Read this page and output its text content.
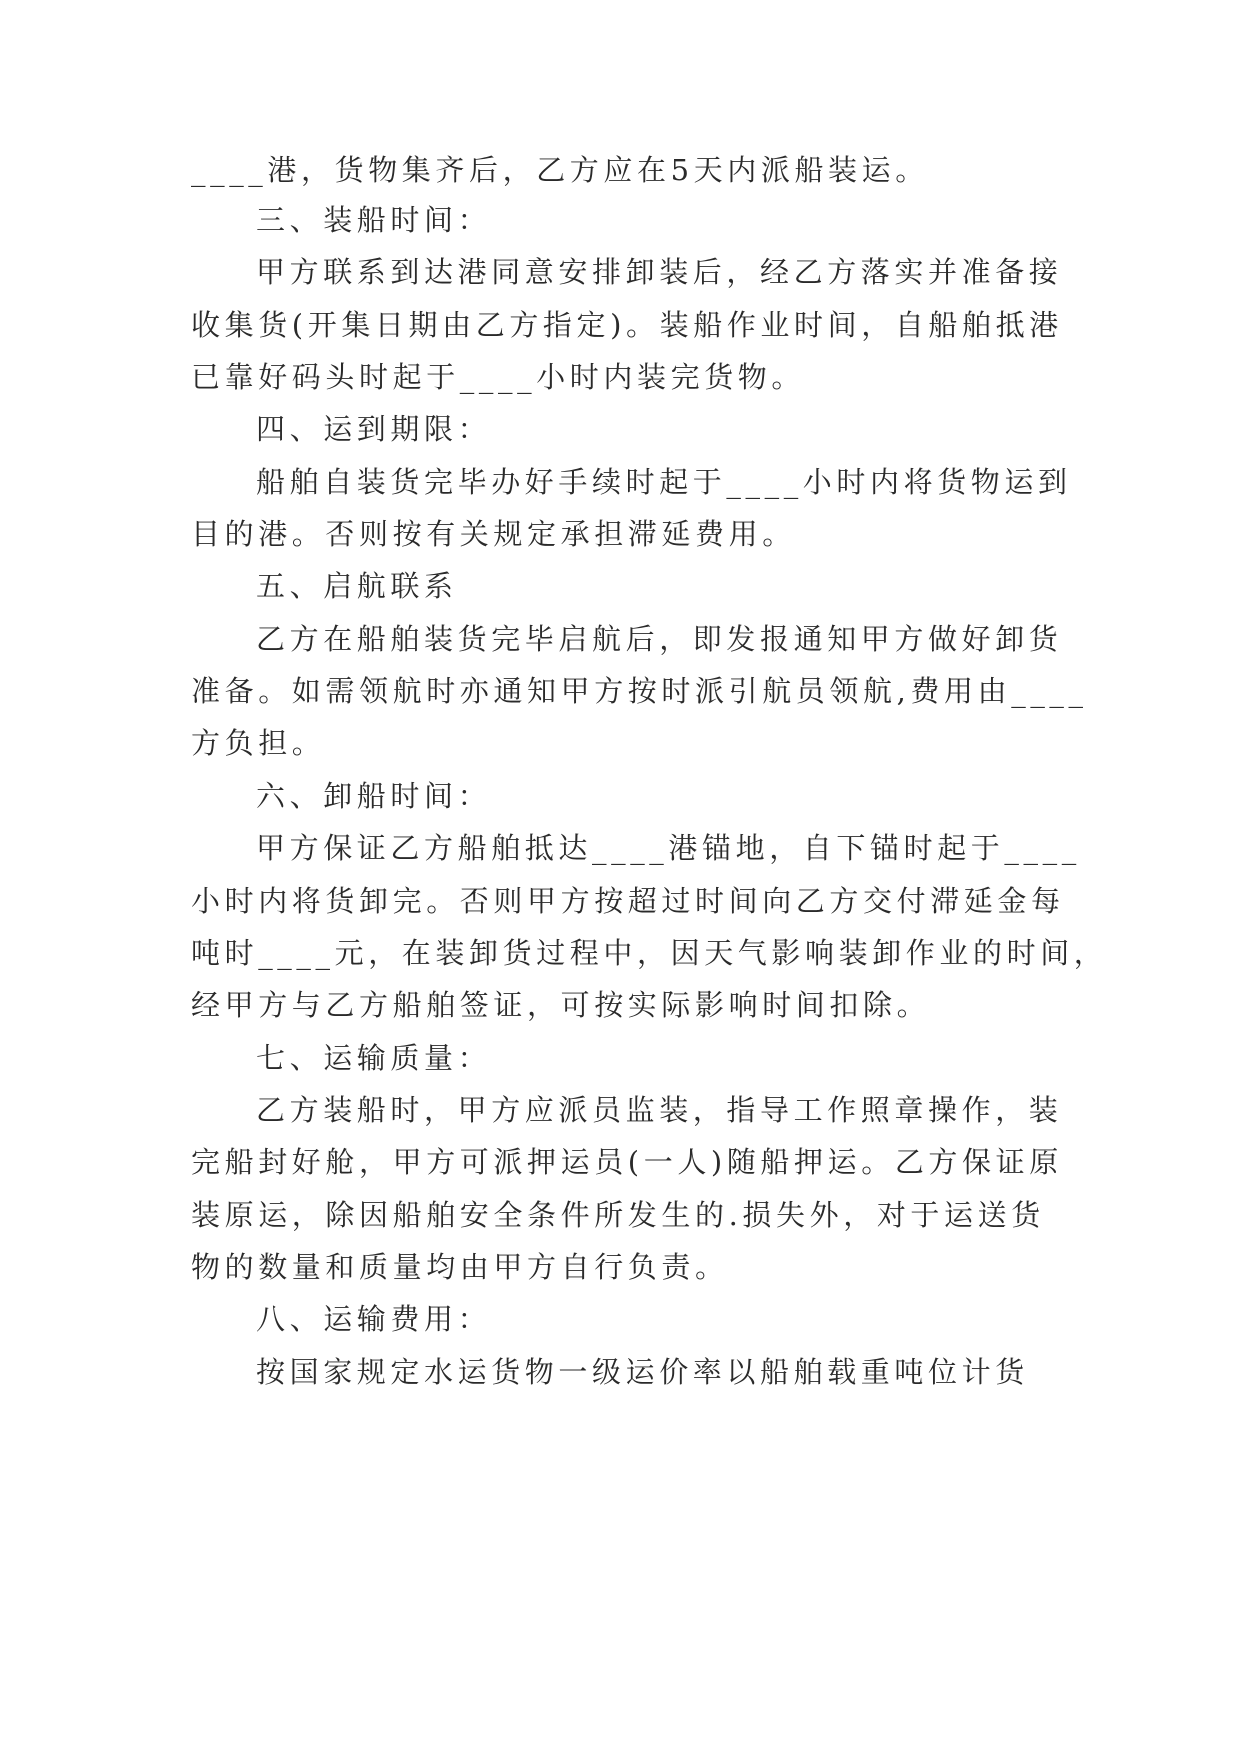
____港，货物集齐后，乙方应在5天内派船装运。
三、装船时间：
甲方联系到达港同意安排卸装后，经乙方落实并准备接
收集货(开集日期由乙方指定)。装船作业时间，自船舶抵港
已靠好码头时起于____小时内装完货物。
四、运到期限：
船舶自装货完毕办好手续时起于____小时内将货物运到
目的港。否则按有关规定承担滞延费用。
五、启航联系
乙方在船舶装货完毕启航后，即发报通知甲方做好卸货
准备。如需领航时亦通知甲方按时派引航员领航,费用由____
方负担。
六、卸船时间：
甲方保证乙方船舶抵达____港锚地，自下锚时起于____
小时内将货卸完。否则甲方按超过时间向乙方交付滞延金每
吨时____元，在装卸货过程中，因天气影响装卸作业的时间，
经甲方与乙方船舶签证，可按实际影响时间扣除。
七、运输质量：
乙方装船时，甲方应派员监装，指导工作照章操作，装
完船封好舱，甲方可派押运员(一人)随船押运。乙方保证原
装原运，除因船舶安全条件所发生的.损失外，对于运送货
物的数量和质量均由甲方自行负责。
八、运输费用：
按国家规定水运货物一级运价率以船舶载重吨位计货
